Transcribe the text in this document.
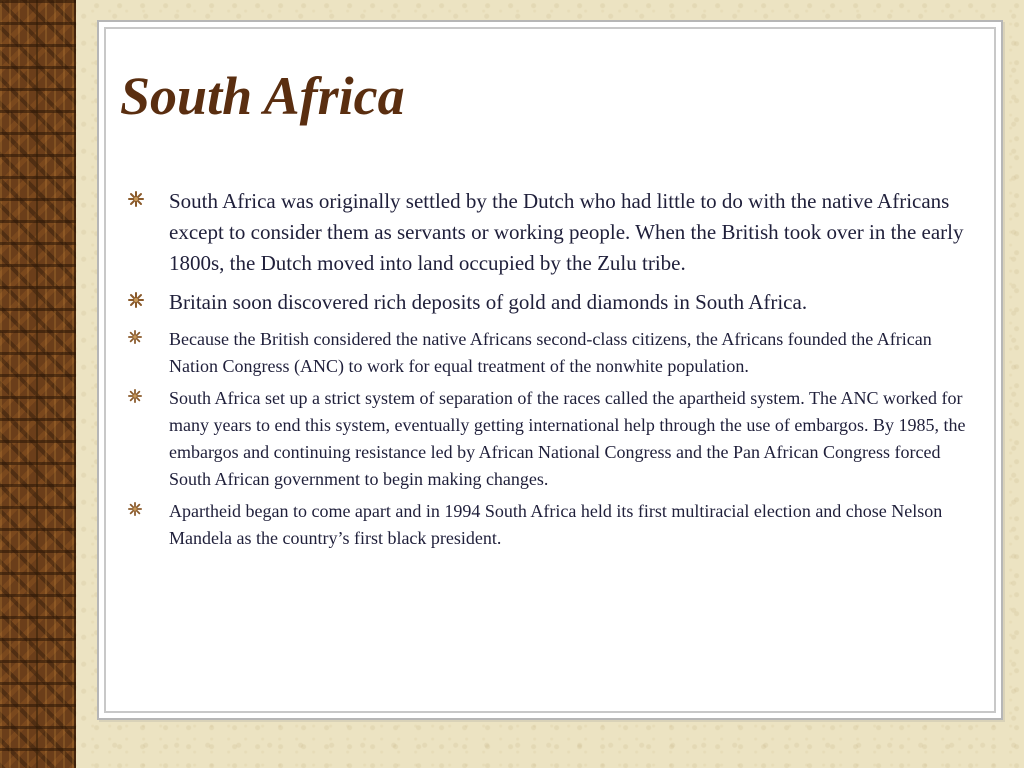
South Africa
South Africa was originally settled by the Dutch who had little to do with the native Africans except to consider them as servants or working people. When the British took over in the early 1800s, the Dutch moved into land occupied by the Zulu tribe.
Britain soon discovered rich deposits of gold and diamonds in South Africa.
Because the British considered the native Africans second-class citizens, the Africans founded the African Nation Congress (ANC) to work for equal treatment of the nonwhite population.
South Africa set up a strict system of separation of the races called the apartheid system. The ANC worked for many years to end this system, eventually getting international help through the use of embargos. By 1985, the embargos and continuing resistance led by African National Congress and the Pan African Congress forced South African government to begin making changes.
Apartheid began to come apart and in 1994 South Africa held its first multiracial election and chose Nelson Mandela as the country’s first black president.
